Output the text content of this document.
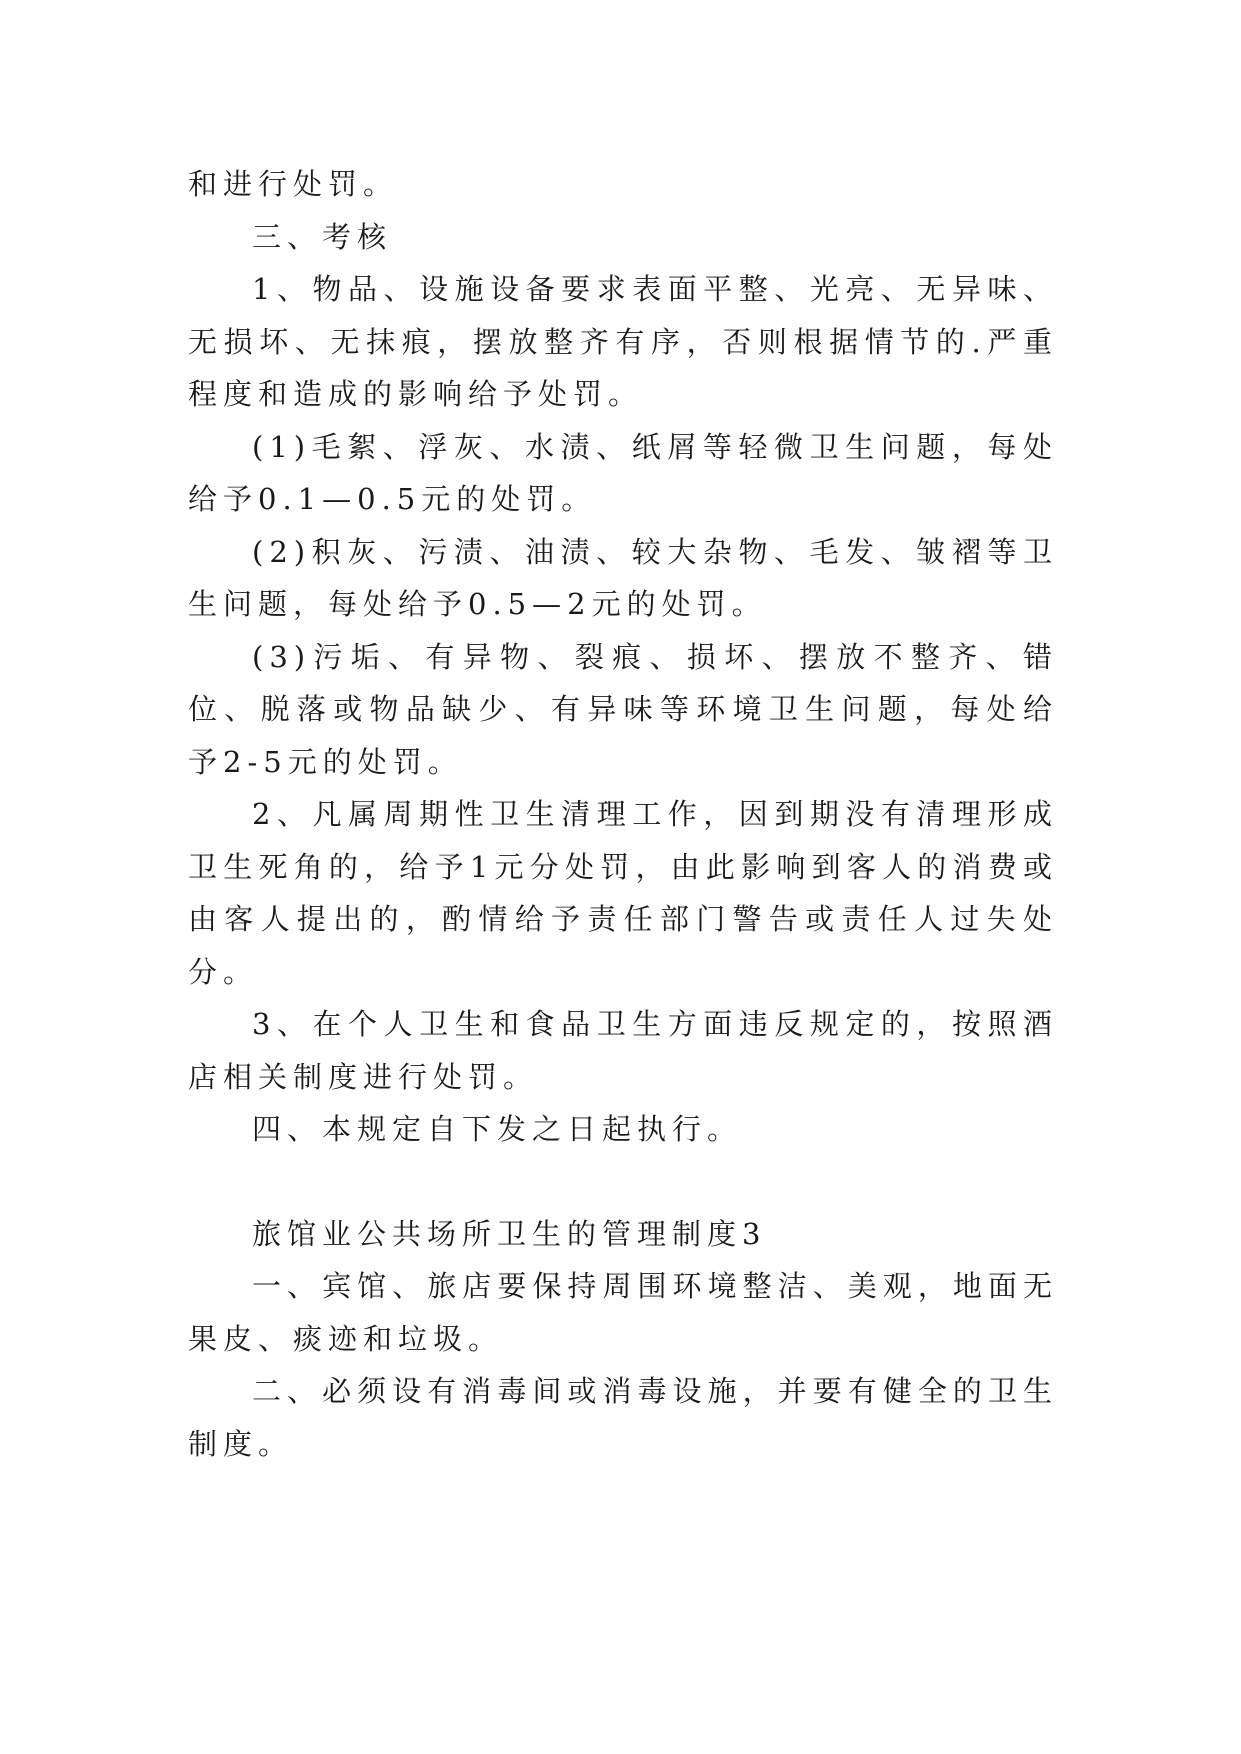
和进行处罚。

三、考核

1、物品、设施设备要求表面平整、光亮、无异味、无损坏、无抹痕，摆放整齐有序，否则根据情节的.严重程度和造成的影响给予处罚。

(1)毛絮、浮灰、水渍、纸屑等轻微卫生问题，每处给予0.1—0.5元的处罚。

(2)积灰、污渍、油渍、较大杂物、毛发、皱褶等卫生问题，每处给予0.5—2元的处罚。

(3)污垢、有异物、裂痕、损坏、摆放不整齐、错位、脱落或物品缺少、有异味等环境卫生问题，每处给予2-5元的处罚。

2、凡属周期性卫生清理工作，因到期没有清理形成卫生死角的，给予1元分处罚，由此影响到客人的消费或由客人提出的，酌情给予责任部门警告或责任人过失处分。

3、在个人卫生和食品卫生方面违反规定的，按照酒店相关制度进行处罚。

四、本规定自下发之日起执行。

旅馆业公共场所卫生的管理制度3

一、宾馆、旅店要保持周围环境整洁、美观，地面无果皮、痰迹和垃圾。

二、必须设有消毒间或消毒设施，并要有健全的卫生制度。
